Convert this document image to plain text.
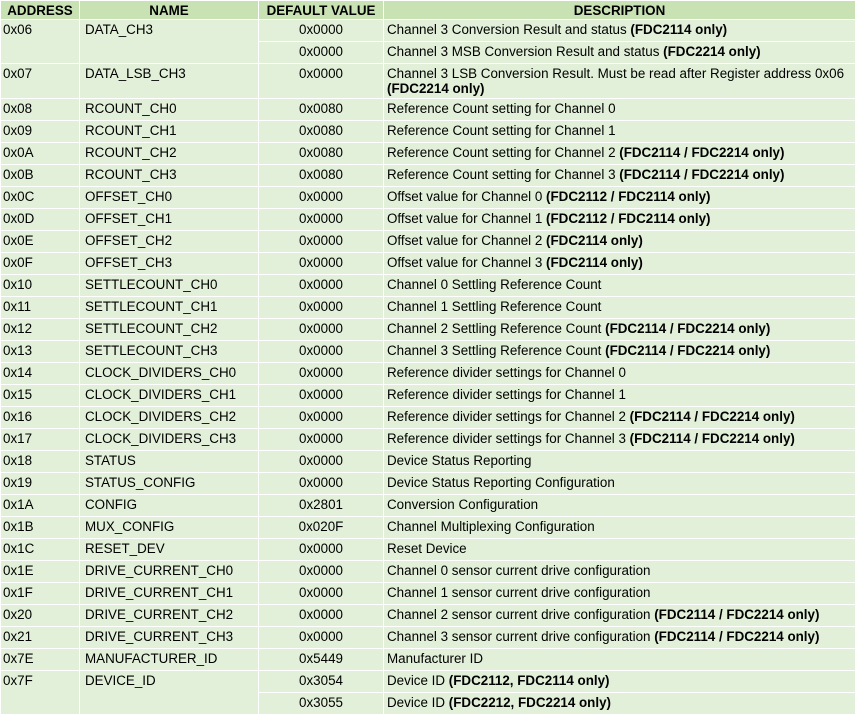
ADDRESS	NAME	DEFAULT VALUE	DESCRIPTION
0x06	DATA_CH3	0x0000	Channel 3 Conversion Result and status (FDC2114 only)
		0x0000	Channel 3 MSB Conversion Result and status (FDC2214 only)
0x07	DATA_LSB_CH3	0x0000	Channel 3 LSB Conversion Result. Must be read after Register address 0x06 (FDC2214 only)
0x08	RCOUNT_CH0	0x0080	Reference Count setting for Channel 0
0x09	RCOUNT_CH1	0x0080	Reference Count setting for Channel 1
0x0A	RCOUNT_CH2	0x0080	Reference Count setting for Channel 2 (FDC2114 / FDC2214 only)
0x0B	RCOUNT_CH3	0x0080	Reference Count setting for Channel 3 (FDC2114 / FDC2214 only)
0x0C	OFFSET_CH0	0x0000	Offset value for Channel 0 (FDC2112 / FDC2114 only)
0x0D	OFFSET_CH1	0x0000	Offset value for Channel 1 (FDC2112 / FDC2114 only)
0x0E	OFFSET_CH2	0x0000	Offset value for Channel 2 (FDC2114 only)
0x0F	OFFSET_CH3	0x0000	Offset value for Channel 3 (FDC2114 only)
0x10	SETTLECOUNT_CH0	0x0000	Channel 0 Settling Reference Count
0x11	SETTLECOUNT_CH1	0x0000	Channel 1 Settling Reference Count
0x12	SETTLECOUNT_CH2	0x0000	Channel 2 Settling Reference Count (FDC2114 / FDC2214 only)
0x13	SETTLECOUNT_CH3	0x0000	Channel 3 Settling Reference Count (FDC2114 / FDC2214 only)
0x14	CLOCK_DIVIDERS_CH0	0x0000	Reference divider settings for Channel 0
0x15	CLOCK_DIVIDERS_CH1	0x0000	Reference divider settings for Channel 1
0x16	CLOCK_DIVIDERS_CH2	0x0000	Reference divider settings for Channel 2 (FDC2114 / FDC2214 only)
0x17	CLOCK_DIVIDERS_CH3	0x0000	Reference divider settings for Channel 3 (FDC2114 / FDC2214 only)
0x18	STATUS	0x0000	Device Status Reporting
0x19	STATUS_CONFIG	0x0000	Device Status Reporting Configuration
0x1A	CONFIG	0x2801	Conversion Configuration
0x1B	MUX_CONFIG	0x020F	Channel Multiplexing Configuration
0x1C	RESET_DEV	0x0000	Reset Device
0x1E	DRIVE_CURRENT_CH0	0x0000	Channel 0 sensor current drive configuration
0x1F	DRIVE_CURRENT_CH1	0x0000	Channel 1 sensor current drive configuration
0x20	DRIVE_CURRENT_CH2	0x0000	Channel 2 sensor current drive configuration (FDC2114 / FDC2214 only)
0x21	DRIVE_CURRENT_CH3	0x0000	Channel 3 sensor current drive configuration (FDC2114 / FDC2214 only)
0x7E	MANUFACTURER_ID	0x5449	Manufacturer ID
0x7F	DEVICE_ID	0x3054	Device ID (FDC2112, FDC2114 only)
		0x3055	Device ID (FDC2212, FDC2214 only)
